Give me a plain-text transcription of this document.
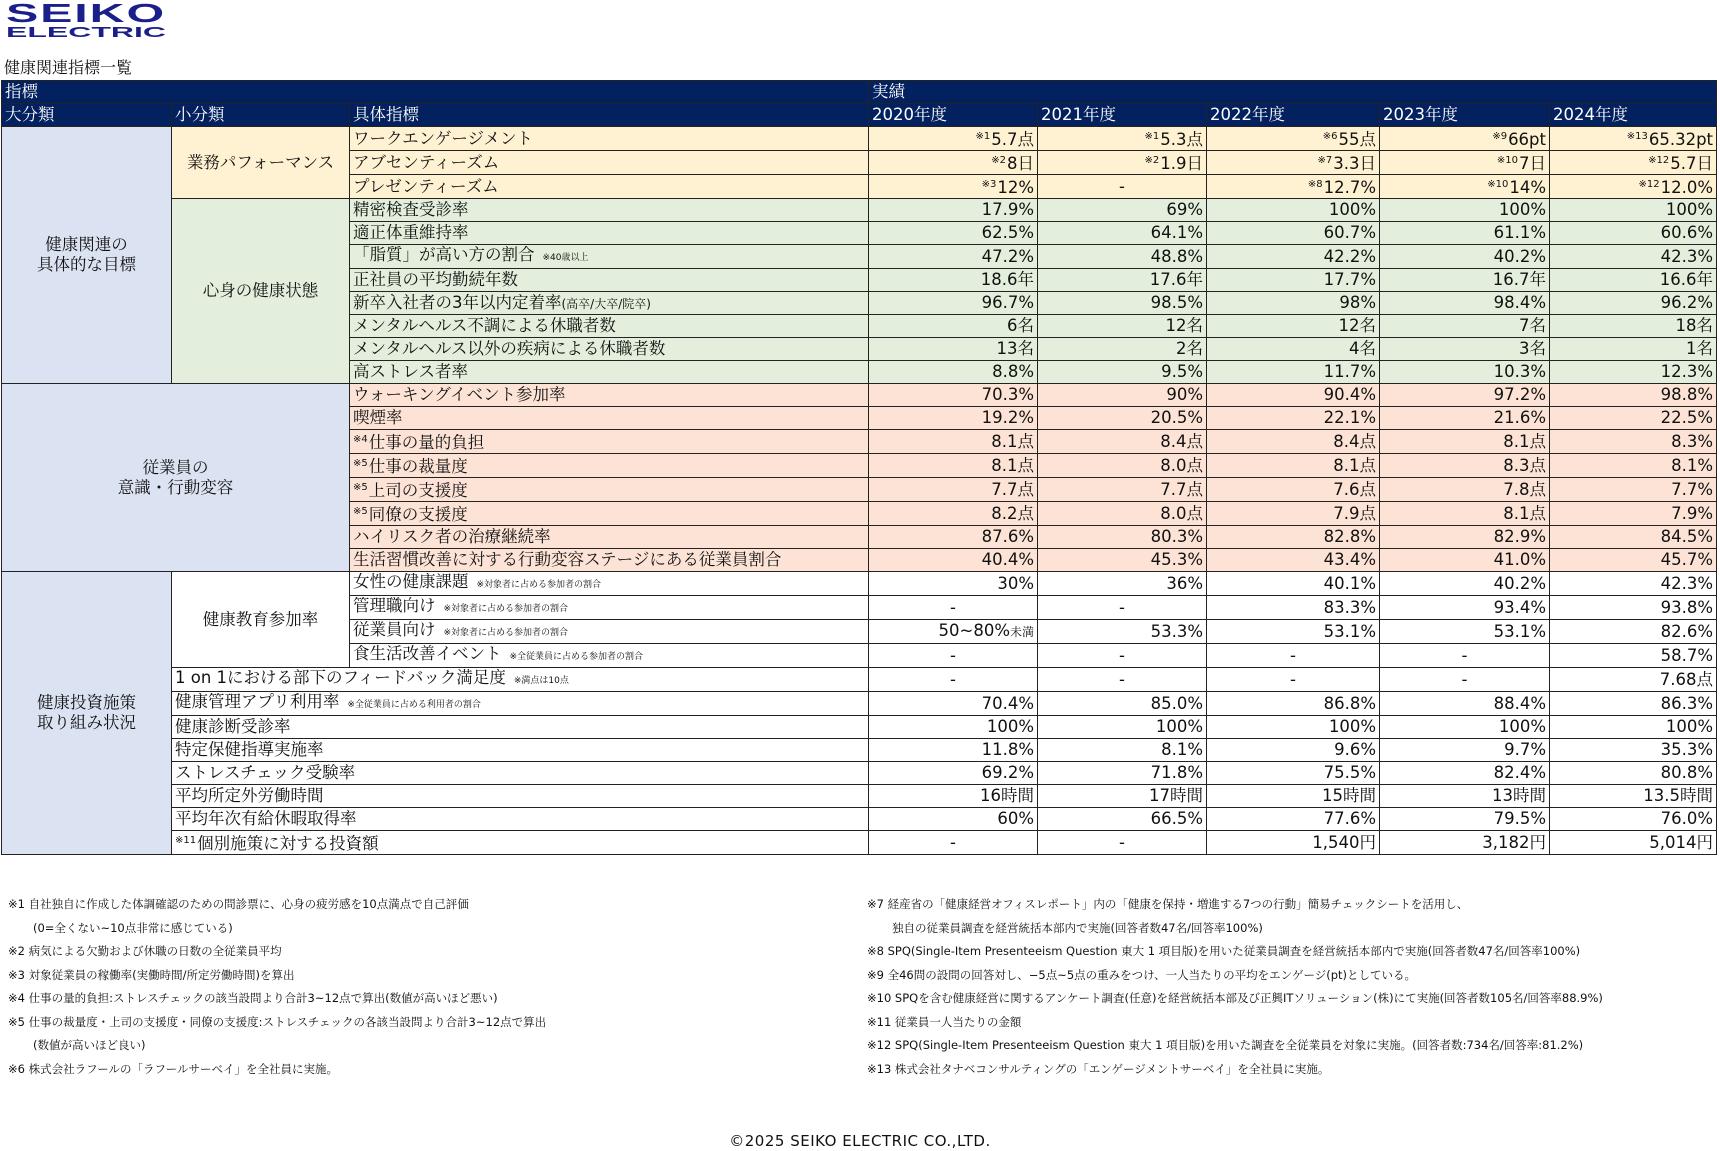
SEIKO
ELECTRIC
健康関連指標一覧
指標			実績				
大分類	小分類	具体指標	2020年度	2021年度	2022年度	2023年度	2024年度

健康関連の
具体的な目標	業務パフォーマンス	ワークエンゲージメント	$^{※1}$5.7点	$^{※1}$5.3点	$^{※6}$55点	$^{※9}$66pt	$^{※13}$65.32pt
		アブセンティーズム	$^{※2}$8日	$^{※2}$1.9日	$^{※7}$3.3日	$^{※10}$7日	$^{※12}$5.7日
		プレゼンティーズム	$^{※3}$12%	-	$^{※8}$12.7%	$^{※10}$14%	$^{※12}$12.0%
	心身の健康状態	精密検査受診率	17.9%	69%	100%	100%	100%
		適正体重維持率	62.5%	64.1%	60.7%	61.1%	60.6%
		「脂質」が高い方の割合 ※40歳以上	47.2%	48.8%	42.2%	40.2%	42.3%
		正社員の平均勤続年数	18.6年	17.6年	17.7%	16.7年	16.6年
		新卒入社者の3年以内定着率(高卒/大卒/院卒)	96.7%	98.5%	98%	98.4%	96.2%
		メンタルヘルス不調による休職者数	6名	12名	12名	7名	18名
		メンタルヘルス以外の疾病による休職者数	13名	2名	4名	3名	1名
		高ストレス者率	8.8%	9.5%	11.7%	10.3%	12.3%

従業員の
意識・行動変容		ウォーキングイベント参加率	70.3%	90%	90.4%	97.2%	98.8%
		喫煙率	19.2%	20.5%	22.1%	21.6%	22.5%
		$^{※4}$仕事の量的負担	8.1点	8.4点	8.4点	8.1点	8.3%
		$^{※5}$仕事の裁量度	8.1点	8.0点	8.1点	8.3点	8.1%
		$^{※5}$上司の支援度	7.7点	7.7点	7.6点	7.8点	7.7%
		$^{※5}$同僚の支援度	8.2点	8.0点	7.9点	8.1点	7.9%
		ハイリスク者の治療継続率	87.6%	80.3%	82.8%	82.9%	84.5%
		生活習慣改善に対する行動変容ステージにある従業員割合	40.4%	45.3%	43.4%	41.0%	45.7%

健康投資施策
取り組み状況	健康教育参加率	女性の健康課題 ※対象者に占める参加者の割合	30%	36%	40.1%	40.2%	42.3%
		管理職向け ※対象者に占める参加者の割合	-	-	83.3%	93.4%	93.8%
		従業員向け ※対象者に占める参加者の割合	50~80%未満	53.3%	53.1%	53.1%	82.6%
		食生活改善イベント ※全従業員に占める参加者の割合	-	-	-	-	58.7%
	1 on 1における部下のフィードバック満足度 ※満点は10点		-	-	-	-	7.68点
	健康管理アプリ利用率 ※全従業員に占める利用者の割合		70.4%	85.0%	86.8%	88.4%	86.3%
	健康診断受診率		100%	100%	100%	100%	100%
	特定保健指導実施率		11.8%	8.1%	9.6%	9.7%	35.3%
	ストレスチェック受験率		69.2%	71.8%	75.5%	82.4%	80.8%
	平均所定外労働時間		16時間	17時間	15時間	13時間	13.5時間
	平均年次有給休暇取得率		60%	66.5%	77.6%	79.5%	76.0%
	$^{※11}$個別施策に対する投資額		-	-	1,540円	3,182円	5,014円
※1 自社独自に作成した体調確認のための問診票に、心身の疲労感を10点満点で自己評価
(0=全くない~10点非常に感じている)
※2 病気による欠勤および休職の日数の全従業員平均
※3 対象従業員の稼働率(実働時間/所定労働時間)を算出
※4 仕事の量的負担:ストレスチェックの該当設問より合計3~12点で算出(数値が高いほど悪い)
※5 仕事の裁量度・上司の支援度・同僚の支援度:ストレスチェックの各該当設問より合計3~12点で算出
(数値が高いほど良い)
※6 株式会社ラフールの「ラフールサーベイ」を全社員に実施。
※7 経産省の「健康経営オフィスレポート」内の「健康を保持・増進する7つの行動」簡易チェックシートを活用し、
独自の従業員調査を経営統括本部内で実施(回答者数47名/回答率100%)
※8 SPQ(Single-Item Presenteeism Question 東大 1 項目版)を用いた従業員調査を経営統括本部内で実施(回答者数47名/回答率100%)
※9 全46問の設問の回答対し、−5点~5点の重みをつけ、一人当たりの平均をエンゲージ(pt)としている。
※10 SPQを含む健康経営に関するアンケート調査(任意)を経営統括本部及び正興ITソリューション(株)にて実施(回答者数105名/回答率88.9%)
※11 従業員一人当たりの金額
※12 SPQ(Single-Item Presenteeism Question 東大 1 項目版)を用いた調査を全従業員を対象に実施。(回答者数:734名/回答率:81.2%)
※13 株式会社タナベコンサルティングの「エンゲージメントサーベイ」を全社員に実施。
©2025 SEIKO ELECTRIC CO.,LTD.
